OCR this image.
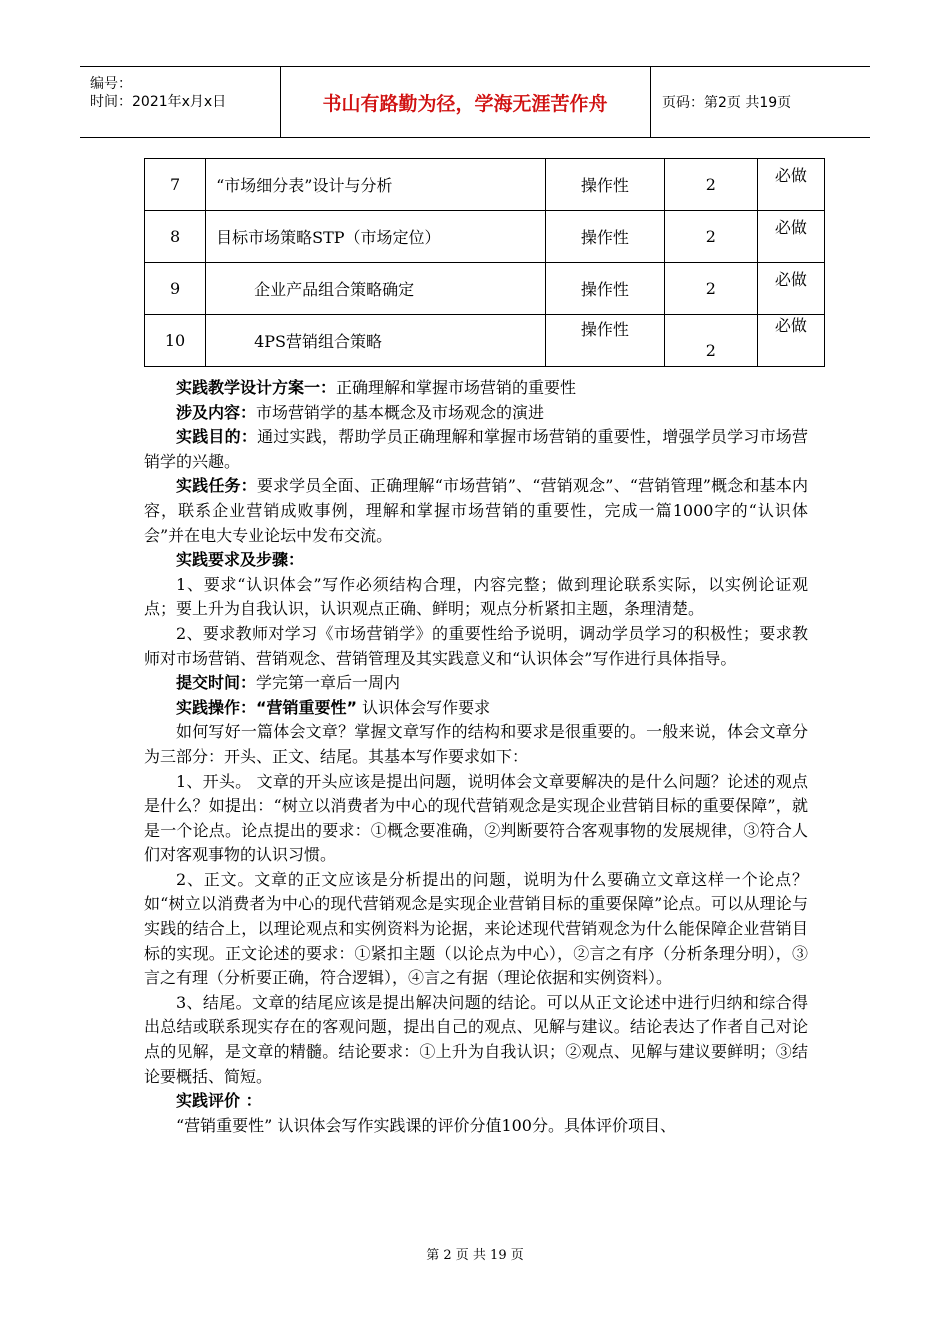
编号：
时间：2021年x月x日	书山有路勤为径，学海无涯苦作舟	页码：第2页 共19页
7	“市场细分表”设计与分析	操作性	2	必做
8	目标市场策略STP（市场定位）	操作性	2	必做
9	企业产品组合策略确定	操作性	2	必做
10	4PS营销组合策略	操作性	2	必做

实践教学设计方案一：正确理解和掌握市场营销的重要性

涉及内容：市场营销学的基本概念及市场观念的演进

实践目的：通过实践，帮助学员正确理解和掌握市场营销的重要性，增强学员学习市场营销学的兴趣。

实践任务：要求学员全面、正确理解“市场营销”、“营销观念”、“营销管理”概念和基本内容，联系企业营销成败事例，理解和掌握市场营销的重要性，完成一篇1000字的“认识体会”并在电大专业论坛中发布交流。

实践要求及步骤：

1、要求“认识体会”写作必须结构合理，内容完整；做到理论联系实际，以实例论证观点；要上升为自我认识，认识观点正确、鲜明；观点分析紧扣主题，条理清楚。

2、要求教师对学习《市场营销学》的重要性给予说明，调动学员学习的积极性；要求教师对市场营销、营销观念、营销管理及其实践意义和“认识体会”写作进行具体指导。

提交时间：学完第一章后一周内

实践操作：“营销重要性” 认识体会写作要求

如何写好一篇体会文章？掌握文章写作的结构和要求是很重要的。一般来说，体会文章分为三部分：开头、正文、结尾。其基本写作要求如下：

1、开头。 文章的开头应该是提出问题，说明体会文章要解决的是什么问题？论述的观点是什么？如提出：“树立以消费者为中心的现代营销观念是实现企业营销目标的重要保障”，就是一个论点。论点提出的要求：①概念要准确，②判断要符合客观事物的发展规律，③符合人们对客观事物的认识习惯。

2、正文。文章的正文应该是分析提出的问题，说明为什么要确立文章这样一个论点？如“树立以消费者为中心的现代营销观念是实现企业营销目标的重要保障”论点。可以从理论与实践的结合上，以理论观点和实例资料为论据，来论述现代营销观念为什么能保障企业营销目标的实现。正文论述的要求：①紧扣主题（以论点为中心），②言之有序（分析条理分明），③言之有理（分析要正确，符合逻辑），④言之有据（理论依据和实例资料）。

3、结尾。文章的结尾应该是提出解决问题的结论。可以从正文论述中进行归纳和综合得出总结或联系现实存在的客观问题，提出自己的观点、见解与建议。结论表达了作者自己对论点的见解，是文章的精髓。结论要求：①上升为自我认识；②观点、见解与建议要鲜明；③结论要概括、简短。

实践评价 ：

“营销重要性” 认识体会写作实践课的评价分值100分。具体评价项目、

第 2 页 共 19 页
